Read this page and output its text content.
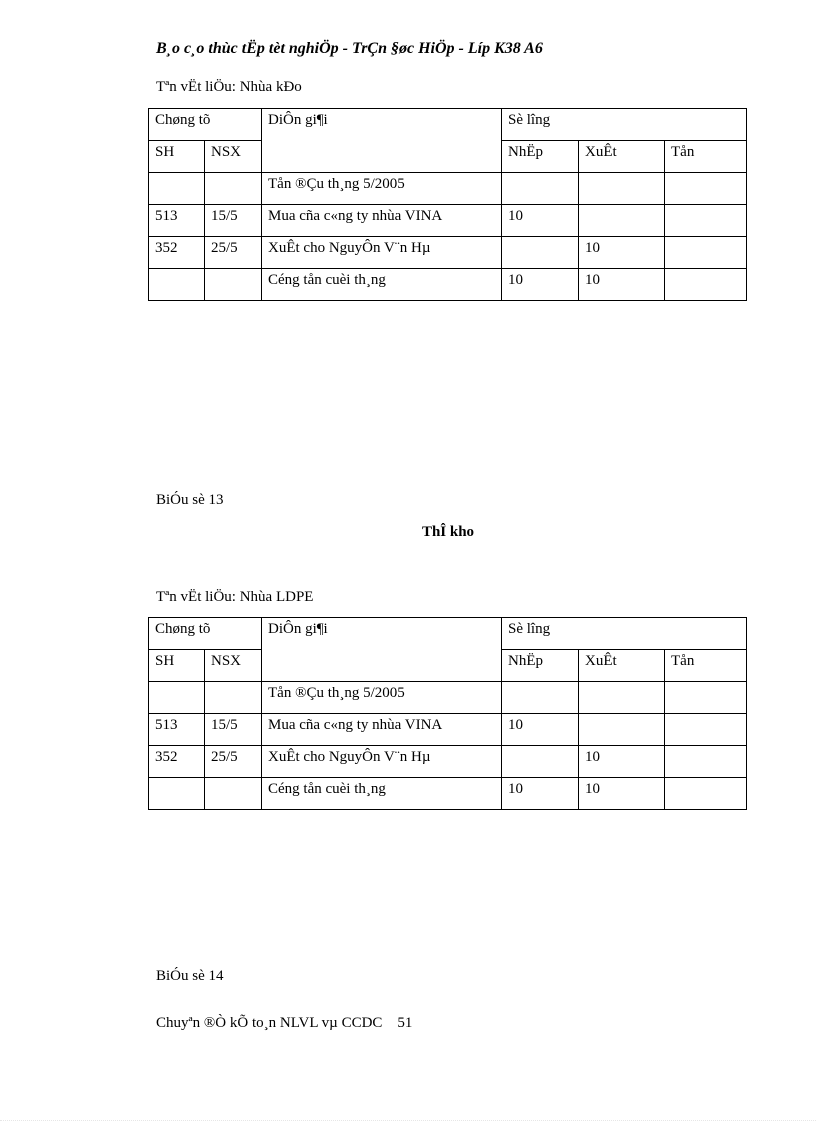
B¸o c¸o thùc tËp tèt nghiÖp - TrÇn §øc HiÖp - Líp K38 A6
Tªn vËt liÖu: Nhùa kÐo
Chøng tõ		DiÔn gi¶i	Sè lîng		
SH	NSX		NhËp	XuÊt	Tån
		Tån ®Çu th¸ng 5/2005			
513	15/5	Mua cña c«ng ty nhùa VINA	10		
352	25/5	XuÊt cho NguyÔn V¨n Hµ		10	
		Céng tån cuèi th¸ng	10	10	
BiÓu sè 13
ThÎ kho
Tªn vËt liÖu: Nhùa LDPE
Chøng tõ		DiÔn gi¶i	Sè lîng		
SH	NSX		NhËp	XuÊt	Tån
		Tån ®Çu th¸ng 5/2005			
513	15/5	Mua cña c«ng ty nhùa VINA	10		
352	25/5	XuÊt cho NguyÔn V¨n Hµ		10	
		Céng tån cuèi th¸ng	10	10	
BiÓu sè 14
Chuyªn ®Ò kÕ to¸n NLVL vµ CCDC    51
